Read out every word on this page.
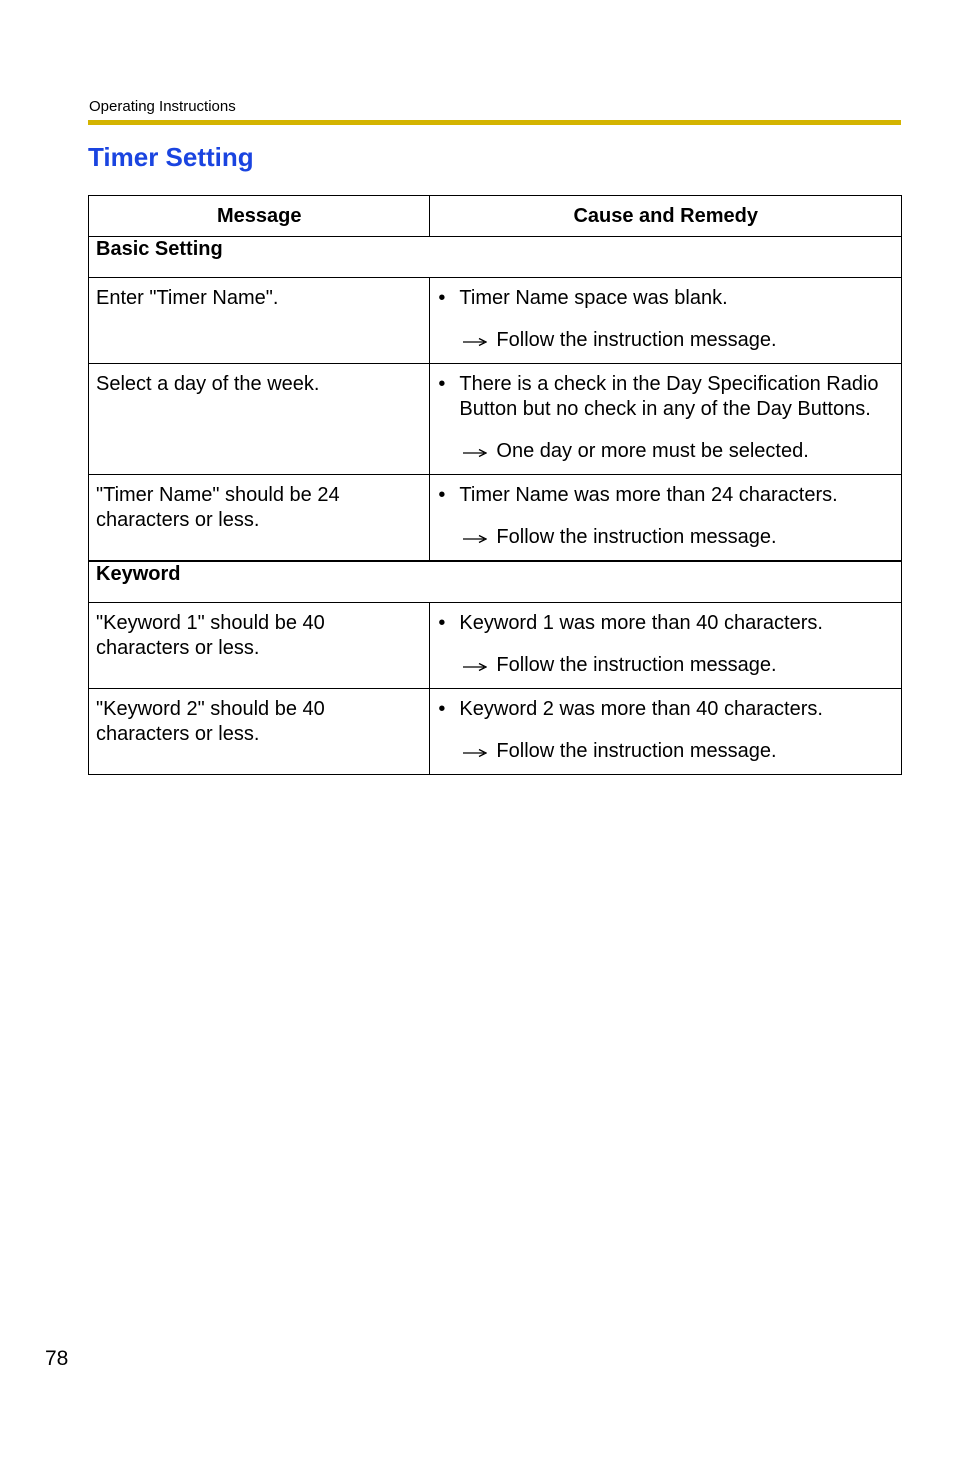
Operating Instructions
Timer Setting
Message	Cause and Remedy
Basic Setting	
Enter "Timer Name".	• Timer Name space was blank.
Follow the instruction message.

Select a day of the week.	• There is a check in the Day Specification Radio Button but no check in any of the Day Buttons.
One day or more must be selected.

"Timer Name" should be 24 characters or less.	• Timer Name was more than 24 characters.
Follow the instruction message.

Keyword	
"Keyword 1" should be 40 characters or less.	• Keyword 1 was more than 40 characters.
Follow the instruction message.

"Keyword 2" should be 40 characters or less.	• Keyword 2 was more than 40 characters.
Follow the instruction message.
78
